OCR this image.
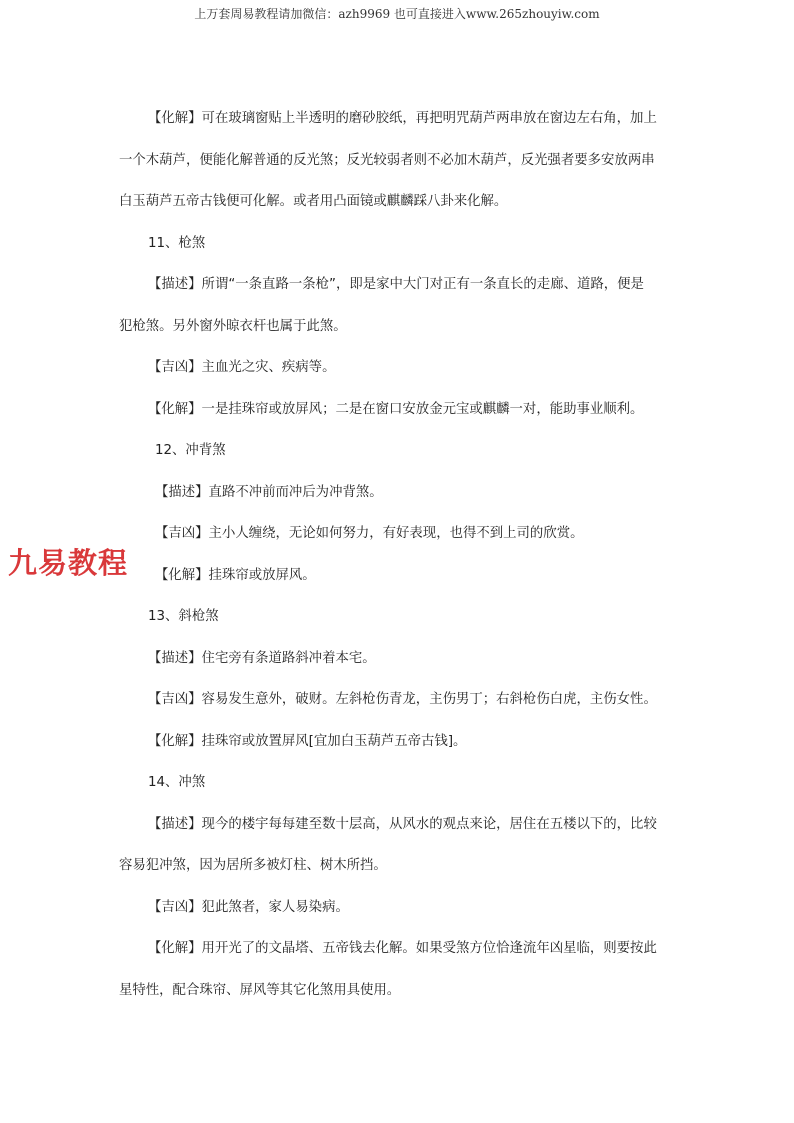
上万套周易教程请加微信：azh9969 也可直接进入www.265zhouyiw.com

【化解】可在玻璃窗贴上半透明的磨砂胶纸，再把明咒葫芦两串放在窗边左右角，加上

一个木葫芦，便能化解普通的反光煞；反光较弱者则不必加木葫芦，反光强者要多安放两串

白玉葫芦五帝古钱便可化解。或者用凸面镜或麒麟踩八卦来化解。

11、枪煞

【描述】所谓“一条直路一条枪”，即是家中大门对正有一条直长的走廊、道路，便是

犯枪煞。另外窗外晾衣杆也属于此煞。

【吉凶】主血光之灾、疾病等。

【化解】一是挂珠帘或放屏风；二是在窗口安放金元宝或麒麟一对，能助事业顺利。

12、冲背煞

【描述】直路不冲前而冲后为冲背煞。

【吉凶】主小人缠绕，无论如何努力，有好表现，也得不到上司的欣赏。

【化解】挂珠帘或放屏风。

13、斜枪煞

【描述】住宅旁有条道路斜冲着本宅。

【吉凶】容易发生意外，破财。左斜枪伤青龙，主伤男丁；右斜枪伤白虎，主伤女性。

【化解】挂珠帘或放置屏风[宜加白玉葫芦五帝古钱]。

14、冲煞

【描述】现今的楼宇每每建至数十层高，从风水的观点来论，居住在五楼以下的，比较

容易犯冲煞，因为居所多被灯柱、树木所挡。

【吉凶】犯此煞者，家人易染病。

【化解】用开光了的文晶塔、五帝钱去化解。如果受煞方位恰逢流年凶星临，则要按此

星特性，配合珠帘、屏风等其它化煞用具使用。

九易教程
